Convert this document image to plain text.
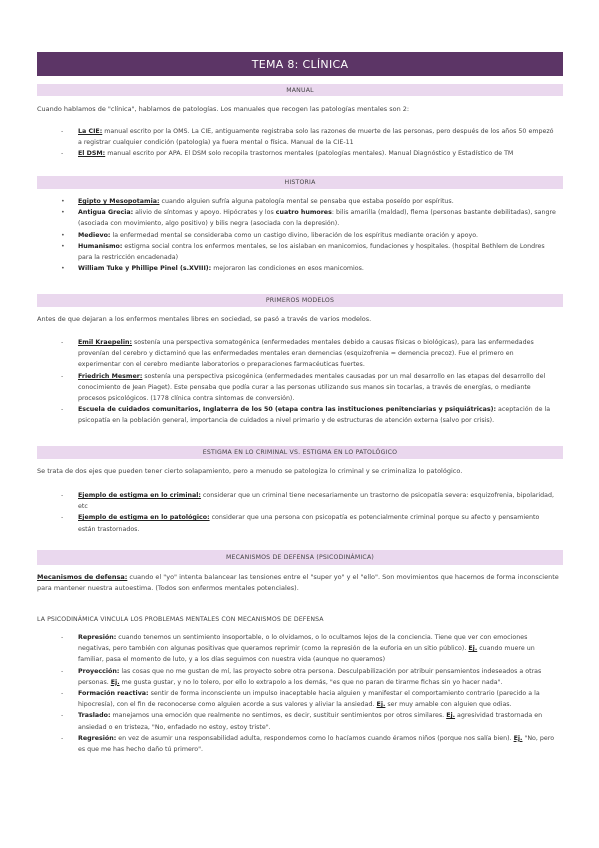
TEMA 8: CLÍNICA
MANUAL
Cuando hablamos de "clínica", hablamos de patologías. Los manuales que recogen las patologías mentales son 2:
- La CIE: manual escrito por la OMS. La CIE, antiguamente registraba solo las razones de muerte de las personas, pero después de los años 50 empezó a registrar cualquier condición (patología) ya fuera mental o física. Manual de la CIE-11
- El DSM: manual escrito por APA. El DSM solo recopila trastornos mentales (patologías mentales). Manual Diagnóstico y Estadístico de TM
HISTORIA
• Egipto y Mesopotamia: cuando alguien sufría alguna patología mental se pensaba que estaba poseído por espíritus.
• Antigua Grecia: alivio de síntomas y apoyo. Hipócrates y los cuatro humores: bilis amarilla (maldad), flema (personas bastante debilitadas), sangre (asociada con movimiento, algo positivo) y bilis negra (asociada con la depresión).
• Medievo: la enfermedad mental se consideraba como un castigo divino, liberación de los espíritus mediante oración y apoyo.
• Humanismo: estigma social contra los enfermos mentales, se los aislaban en manicomios, fundaciones y hospitales. (hospital Bethlem de Londres para la restricción encadenada)
• William Tuke y Phillipe Pinel (s.XVIII): mejoraron las condiciones en esos manicomios.
PRIMEROS MODELOS
Antes de que dejaran a los enfermos mentales libres en sociedad, se pasó a través de varios modelos.
- Emil Kraepelin: sostenía una perspectiva somatogénica (enfermedades mentales debido a causas físicas o biológicas), para las enfermedades provenían del cerebro y dictaminó que las enfermedades mentales eran demencias (esquizofrenia = demencia precoz). Fue el primero en experimentar con el cerebro mediante laboratorios o preparaciones farmacéuticas fuertes.
- Friedrich Mesmer: sostenía una perspectiva psicogénica (enfermedades mentales causadas por un mal desarrollo en las etapas del desarrollo del conocimiento de Jean Piaget). Este pensaba que podía curar a las personas utilizando sus manos sin tocarlas, a través de energías, o mediante procesos psicológicos. (1778 clínica contra síntomas de conversión).
- Escuela de cuidados comunitarios, Inglaterra de los 50 (etapa contra las instituciones penitenciarias y psiquiátricas): aceptación de la psicopatía en la población general, importancia de cuidados a nivel primario y de estructuras de atención externa (salvo por crisis).
ESTIGMA EN LO CRIMINAL VS. ESTIGMA EN LO PATOLÓGICO
Se trata de dos ejes que pueden tener cierto solapamiento, pero a menudo se patologiza lo criminal y se criminaliza lo patológico.
- Ejemplo de estigma en lo criminal: considerar que un criminal tiene necesariamente un trastorno de psicopatía severa: esquizofrenia, bipolaridad, etc
- Ejemplo de estigma en lo patológico: considerar que una persona con psicopatía es potencialmente criminal porque su afecto y pensamiento están trastornados.
MECANISMOS DE DEFENSA (PSICODINÁMICA)
Mecanismos de defensa: cuando el "yo" intenta balancear las tensiones entre el "super yo" y el "ello". Son movimientos que hacemos de forma inconsciente para mantener nuestra autoestima. (Todos son enfermos mentales potenciales).
LA PSICODINÁMICA VINCULA LOS PROBLEMAS MENTALES CON MECANISMOS DE DEFENSA
- Represión: cuando tenemos un sentimiento insoportable, o lo olvidamos, o lo ocultamos lejos de la conciencia. Tiene que ver con emociones negativas, pero también con algunas positivas que queramos reprimir (como la represión de la euforia en un sitio público). Ej. cuando muere un familiar, pasa el momento de luto, y a los días seguimos con nuestra vida (aunque no queramos)
- Proyección: las cosas que no me gustan de mí, las proyecto sobre otra persona. Desculpabilización por atribuir pensamientos indeseados a otras personas. Ej. me gusta gustar, y no lo tolero, por ello lo extrapolo a los demás, "es que no paran de tirarme fichas sin yo hacer nada".
- Formación reactiva: sentir de forma inconsciente un impulso inaceptable hacia alguien y manifestar el comportamiento contrario (parecido a la hipocresía), con el fin de reconocerse como alguien acorde a sus valores y aliviar la ansiedad. Ej. ser muy amable con alguien que odias.
- Traslado: manejamos una emoción que realmente no sentimos, es decir, sustituir sentimientos por otros similares. Ej. agresividad trastornada en ansiedad o en tristeza, "No, enfadado no estoy, estoy triste".
- Regresión: en vez de asumir una responsabilidad adulta, respondemos como lo hacíamos cuando éramos niños (porque nos salía bien). Ej. "No, pero es que me has hecho daño tú primero".
